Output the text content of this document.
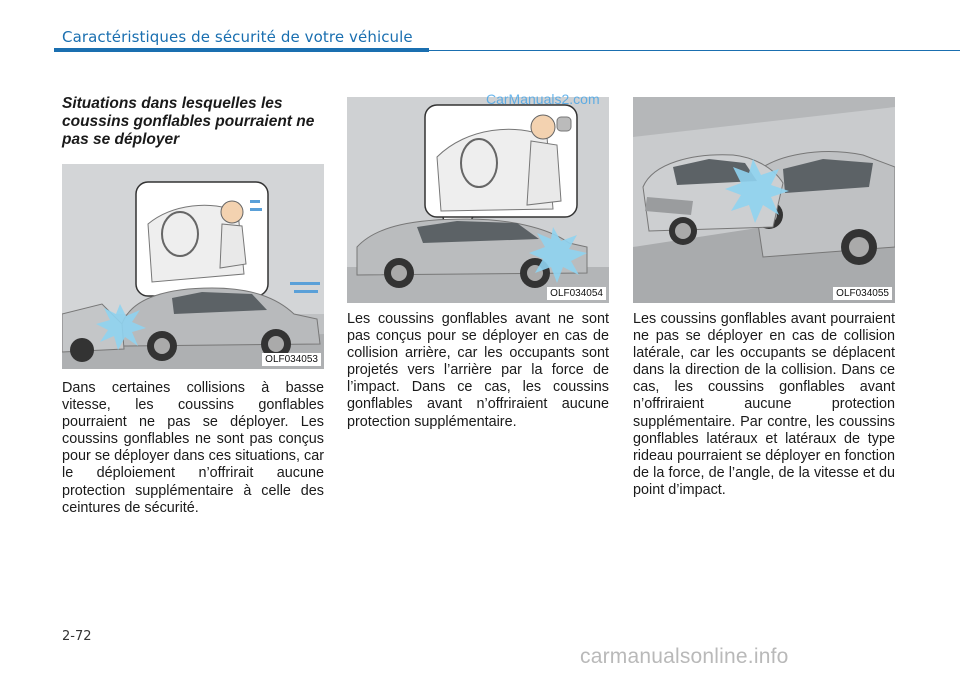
Caractéristiques de sécurité de votre véhicule
Situations dans lesquelles les coussins gonflables pourraient ne pas se déployer
OLF034053
OLF034054	OLF034055

Dans certaines collisions à basse vitesse, les coussins gonflables pourraient ne pas se déployer. Les coussins gonflables ne sont pas conçus pour se déployer dans ces situations, car le déploiement n’offrirait aucune protection supplémentaire à celle des ceintures de sécurité.

Les coussins gonflables avant ne sont pas conçus pour se déployer en cas de collision arrière, car les occupants sont projetés vers l’arrière par la force de l’impact. Dans ce cas, les coussins gonflables avant n’offriraient aucune protection supplémentaire.

Les coussins gonflables avant pourraient ne pas se déployer en cas de collision latérale, car les occupants se déplacent dans la direction de la collision. Dans ce cas, les coussins gonflables avant n’offriraient aucune protection supplémentaire. Par contre, les coussins gonflables latéraux et latéraux de type rideau pourraient se déployer en fonction de la force, de l’angle, de la vitesse et du point d’impact.

CarManuals2.com
2-72
carmanualsonline.info
